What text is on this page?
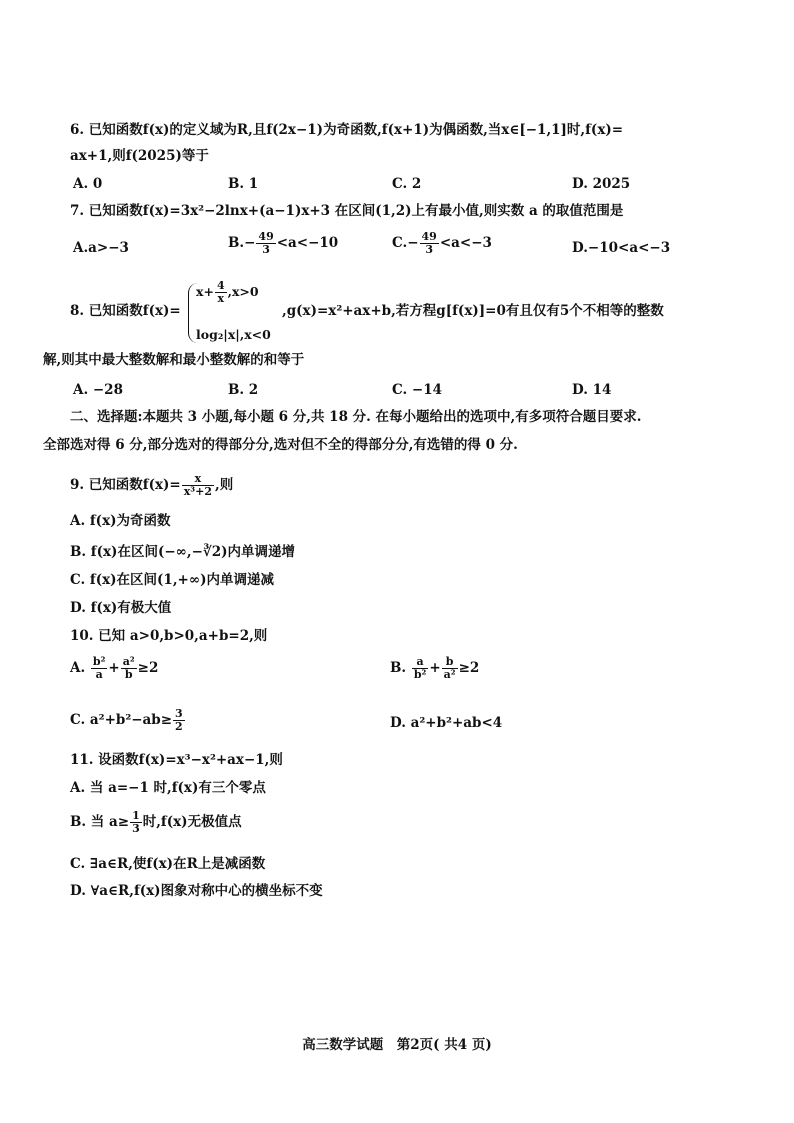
6. 已知函数f(x)的定义域为R,且f(2x−1)为奇函数,f(x+1)为偶函数,当x∈[−1,1]时,f(x)=
ax+1,则f(2025)等于
A. 0	B. 1	C. 2	D. 2025
7. 已知函数f(x)=3x²−2lnx+(a−1)x+3 在区间(1,2)上有最小值,则实数 a 的取值范围是
A.a>−3	$B.- \frac{49}{3} <a<-10$	$C.- \frac{49}{3} <a<-3$	D.−10<a<−3
8. 已知函数f(x)=
$x+ \frac{4}{x} ,x>0$
log₂|x|,x<0
,g(x)=x²+ax+b,若方程g[f(x)]=0有且仅有5个不相等的整数
解,则其中最大整数解和最小整数解的和等于
A. −28	B. 2	C. −14	D. 14
二、选择题:本题共 3 小题,每小题 6 分,共 18 分. 在每小题给出的选项中,有多项符合题目要求.
全部选对得 6 分,部分选对的得部分分,选对但不全的得部分分,有选错的得 0 分.
9. 已知函数$f(x)= \frac{x}{\text{x³+2}}$ ,则
A. f(x)为奇函数
B. f(x)在区间(−∞,−∛2)内单调递增
C. f(x)在区间(1,+∞)内单调递减
D. f(x)有极大值
10. 已知 a>0,b>0,a+b=2,则
A. $\frac{\text{b²}}{a} + \frac{\text{a²}}{b} \ge 2$	B. $\frac{a}{\text{b²}} + \frac{b}{\text{a²}} \ge 2$
C. $a^2+b^2-ab\ge \frac{3}{2}$	D. a²+b²+ab<4
11. 设函数f(x)=x³−x²+ax−1,则
A. 当 a=−1 时,f(x)有三个零点
B. 当 $a\ge \frac{1}{3}$ 时,f(x)无极值点
C. ∃a∈R,使f(x)在R上是减函数
D. ∀a∈R,f(x)图象对称中心的横坐标不变
高三数学试题　第2页( 共4 页)
